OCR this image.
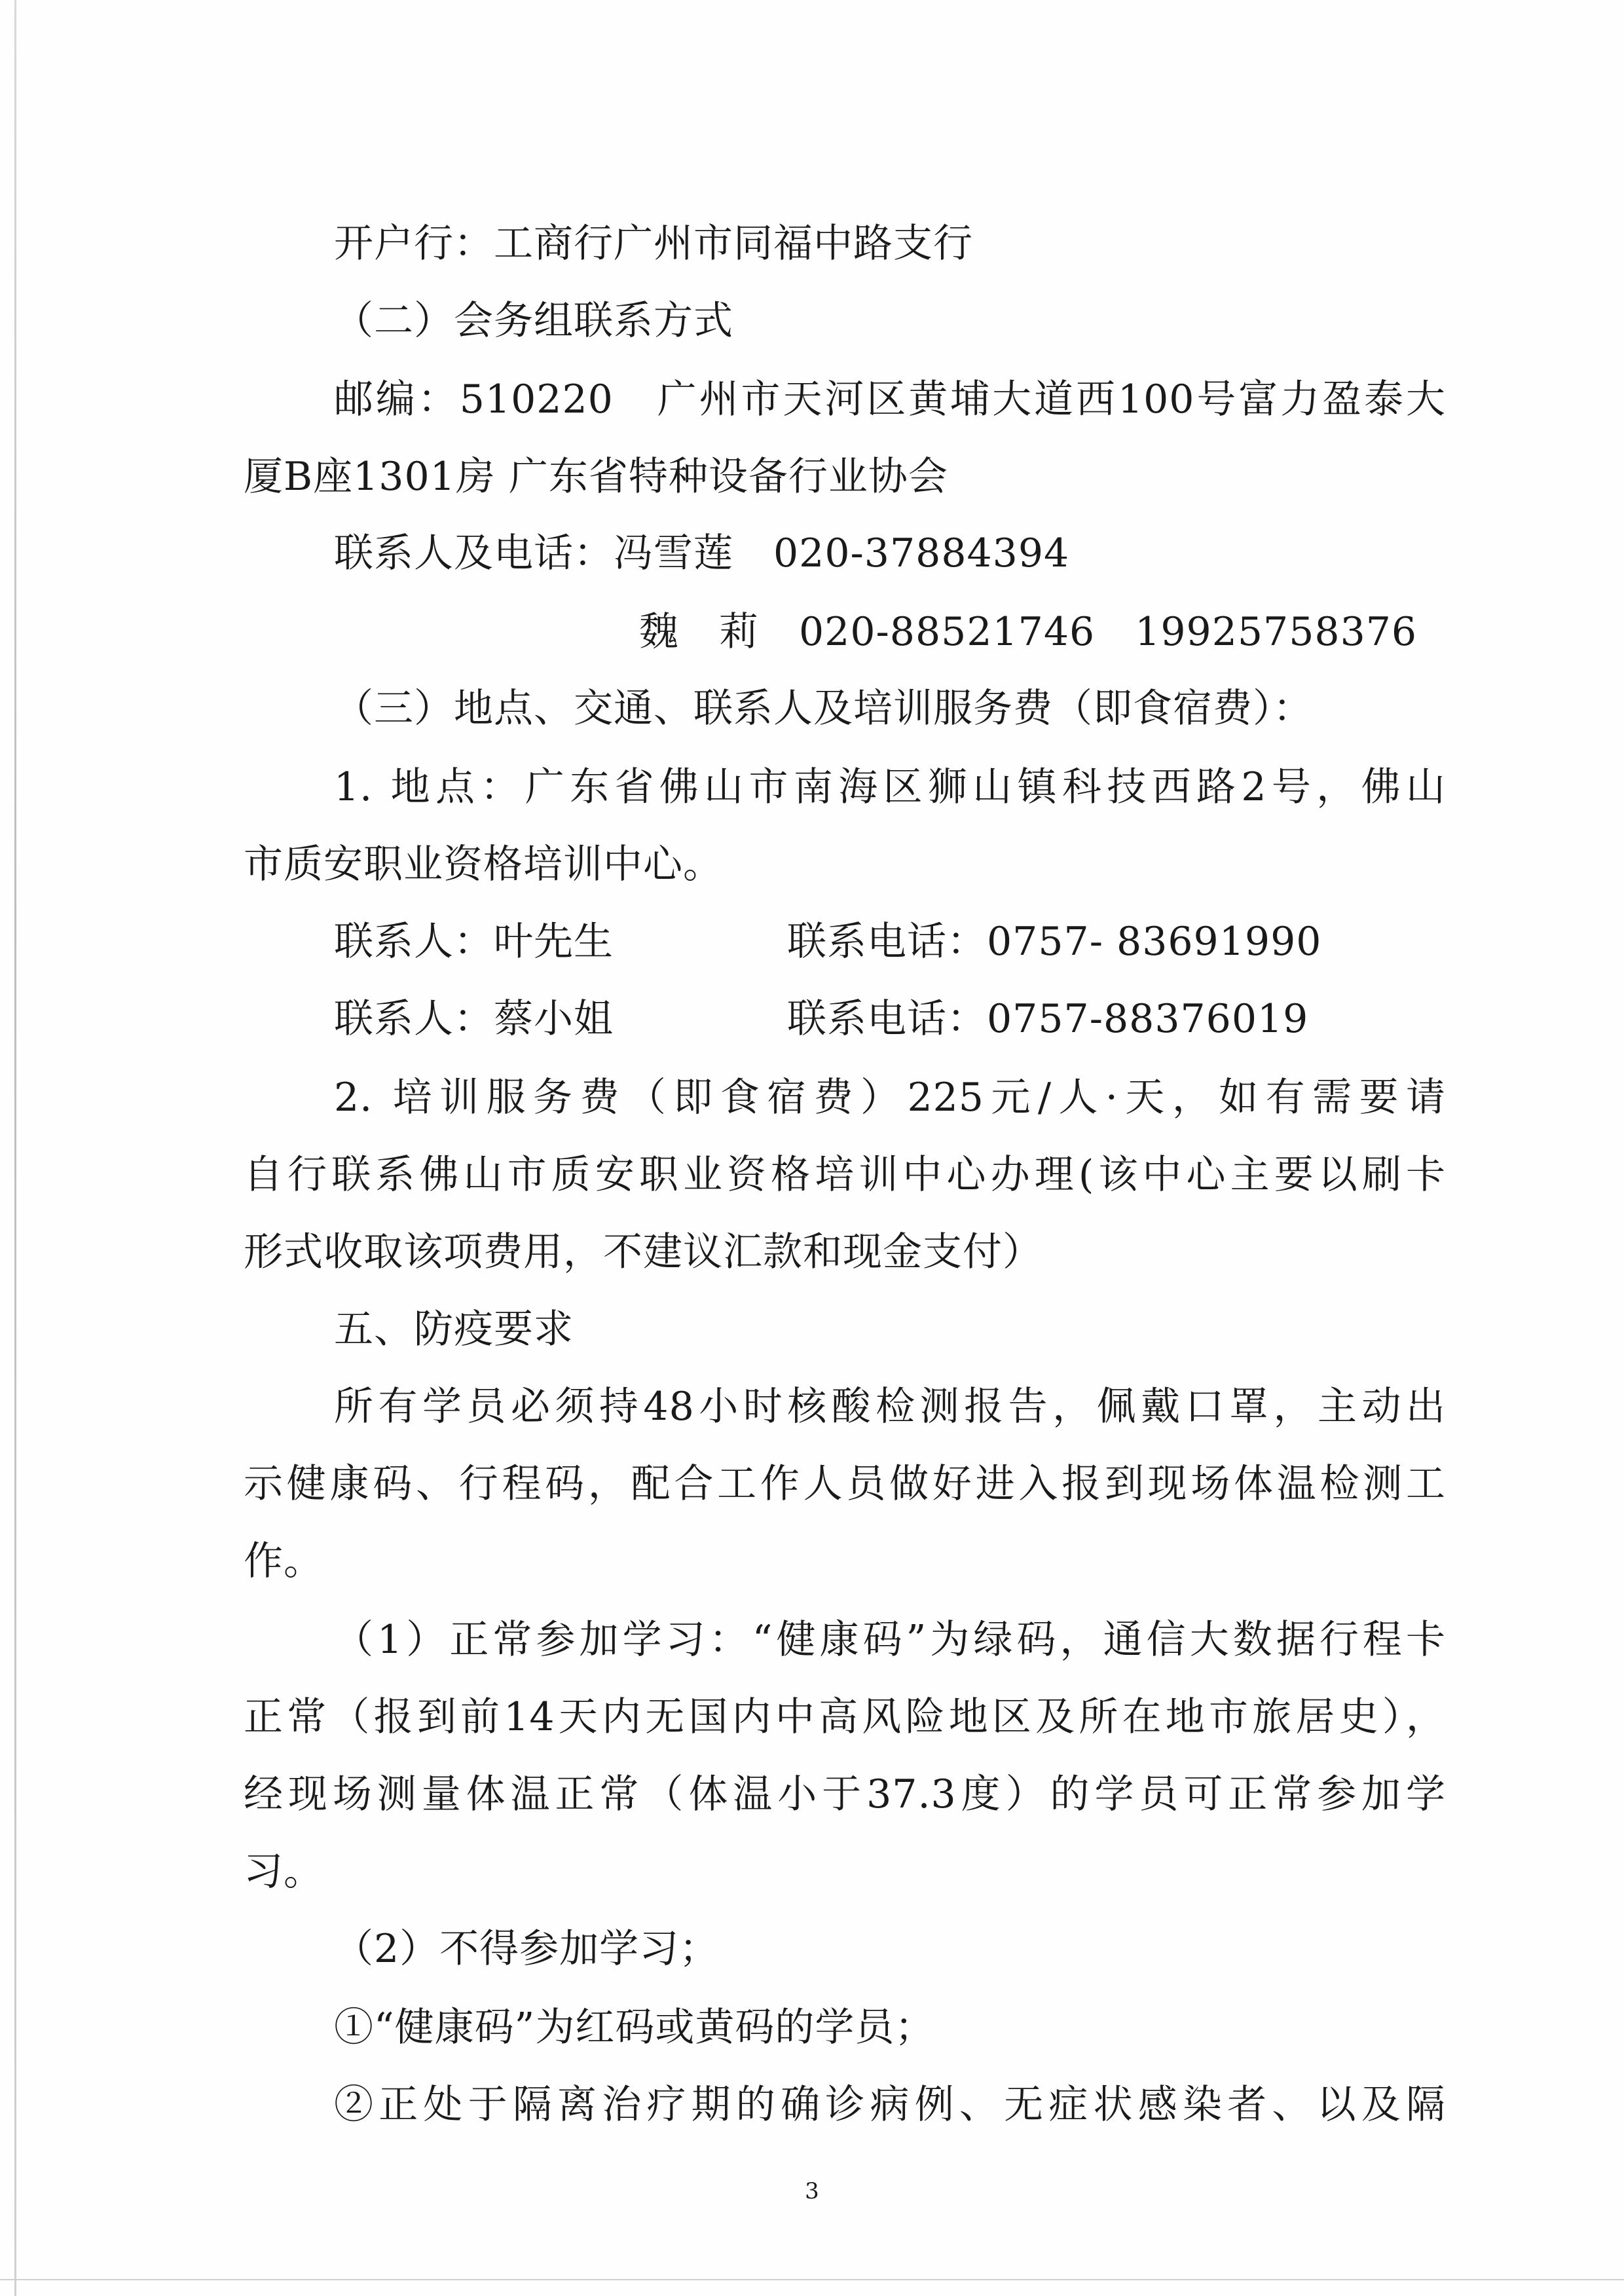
开户行：工商行广州市同福中路支行
（二）会务组联系方式
邮编：510220　广州市天河区黄埔大道西100号富力盈泰大
厦B座1301房 广东省特种设备行业协会
联系人及电话：冯雪莲　020-37884394
魏　莉　020-88521746　19925758376
（三）地点、交通、联系人及培训服务费（即食宿费）：
1. 地点：广东省佛山市南海区狮山镇科技西路2号，佛山
市质安职业资格培训中心。
联系人：叶先生	联系电话：0757- 83691990
联系人：蔡小姐	联系电话：0757-88376019
2. 培训服务费（即食宿费）225元/人·天，如有需要请
自行联系佛山市质安职业资格培训中心办理(该中心主要以刷卡
形式收取该项费用，不建议汇款和现金支付）
五、防疫要求
所有学员必须持48小时核酸检测报告，佩戴口罩，主动出
示健康码、行程码，配合工作人员做好进入报到现场体温检测工
作。
（1）正常参加学习：“健康码”为绿码，通信大数据行程卡
正常（报到前14天内无国内中高风险地区及所在地市旅居史），
经现场测量体温正常（体温小于37.3度）的学员可正常参加学
习。
（2）不得参加学习；
①“健康码”为红码或黄码的学员；
②正处于隔离治疗期的确诊病例、无症状感染者、以及隔
3
